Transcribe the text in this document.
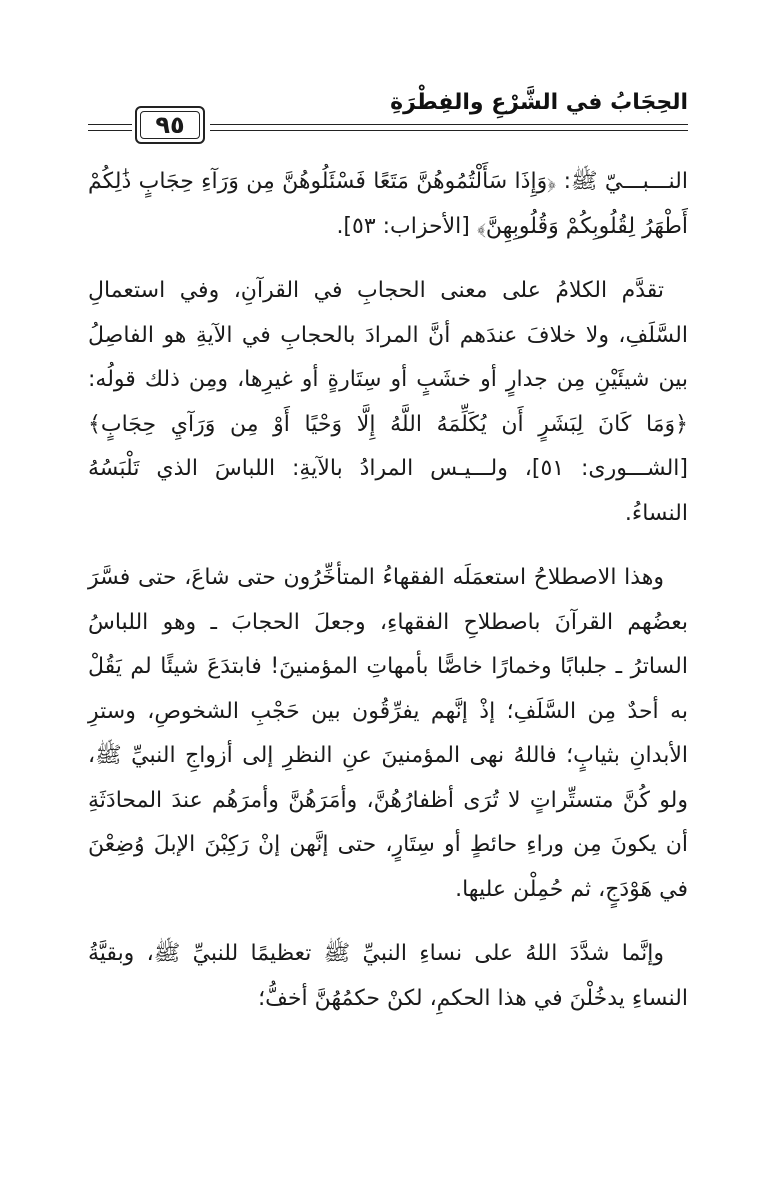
٩٥
الحِجَابُ في الشَّرْعِ والفِطْرَةِ

النـــبـــيّ ﷺ: ﴿وَإِذَا سَأَلْتُمُوهُنَّ مَتَعًا فَسْئَلُوهُنَّ مِن وَرَآءِ حِجَابٍ ذَٰلِكُمْ أَطْهَرُ لِقُلُوبِكُمْ وَقُلُوبِهِنَّ﴾ [الأحزاب: ٥٣].

تقدَّم الكلامُ على معنى الحجابِ في القرآنِ، وفي استعمالِ السَّلَفِ، ولا خلافَ عندَهم أنَّ المرادَ بالحجابِ في الآيةِ هو الفاصِلُ بين شيئَيْنِ مِن جدارٍ أو خشَبٍ أو سِتَارةٍ أو غيرِها، ومِن ذلك قولُه: ﴿وَمَا كَانَ لِبَشَرٍ أَن يُكَلِّمَهُ اللَّهُ إِلَّا وَحْيًا أَوْ مِن وَرَآيِ حِجَابٍ﴾ [الشـــورى: ٥١]، ولـــيـس المرادُ بالآيةِ: اللباسَ الذي تَلْبَسُهُ النساءُ.

وهذا الاصطلاحُ استعمَلَه الفقهاءُ المتأخِّرُون حتى شاعَ، حتى فسَّرَ بعضُهم القرآنَ باصطلاحِ الفقهاءِ، وجعلَ الحجابَ ـ وهو اللباسُ الساترُ ـ جلبابًا وخمارًا خاصًّا بأمهاتِ المؤمنينَ! فابتدَعَ شيئًا لم يَقُلْ به أحدٌ مِن السَّلَفِ؛ إذْ إنَّهم يفرِّقُون بين حَجْبِ الشخوصِ، وسترِ الأبدانِ بثيابٍ؛ فاللهُ نهى المؤمنينَ عنِ النظرِ إلى أزواجِ النبيِّ ﷺ، ولو كُنَّ متستِّراتٍ لا تُرَى أظفارُهُنَّ، وأمَرَهُنَّ وأمرَهُم عندَ المحادَثَةِ أن يكونَ مِن وراءِ حائطٍ أو سِتَارٍ، حتى إنَّهن إنْ رَكِبْنَ الإبلَ وُضِعْنَ في هَوْدَجٍ، ثم حُمِلْن عليها.

وإنَّما شدَّدَ اللهُ على نساءِ النبيِّ ﷺ تعظيمًا للنبيِّ ﷺ، وبقيَّةُ النساءِ يدخُلْنَ في هذا الحكمِ، لكنْ حكمُهُنَّ أخفُّ؛
